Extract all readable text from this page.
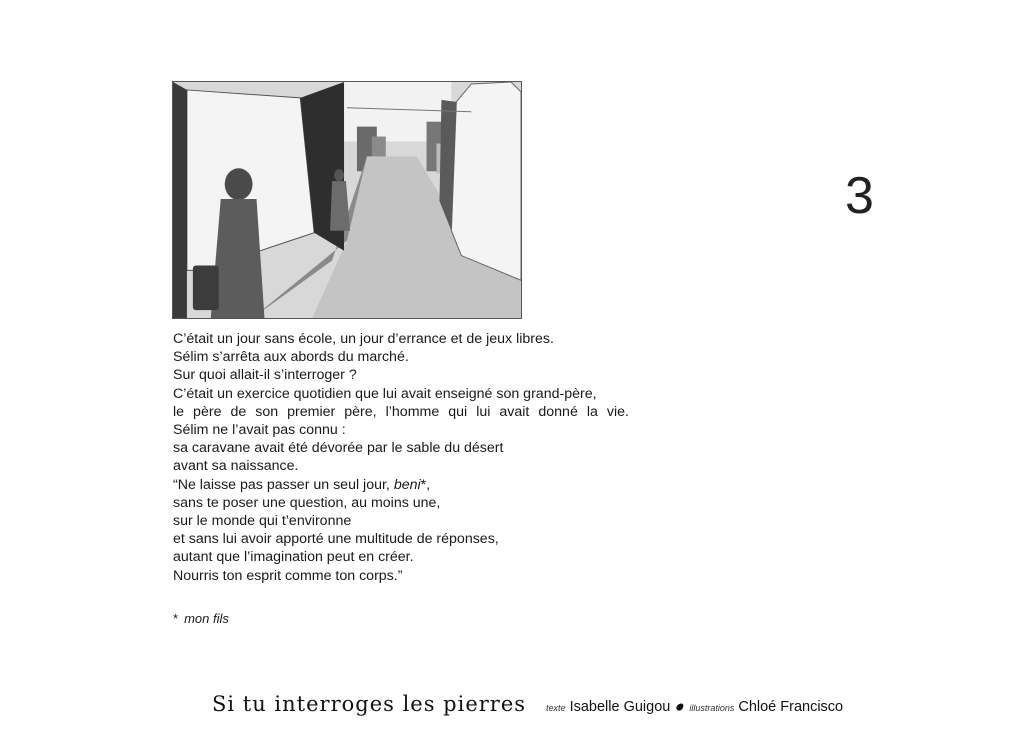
3
C’était un jour sans école, un jour d’errance et de jeux libres.
Sélim s’arrêta aux abords du marché.
Sur quoi allait-il s’interroger ?
C’était un exercice quotidien que lui avait enseigné son grand-père,
le père de son premier père, l’homme qui lui avait donné la vie.
Sélim ne l’avait pas connu :
sa caravane avait été dévorée par le sable du désert
avant sa naissance.
“Ne laisse pas passer un seul jour, beni*,
sans te poser une question, au moins une,
sur le monde qui t’environne
et sans lui avoir apporté une multitude de réponses,
autant que l’imagination peut en créer.
Nourris ton esprit comme ton corps.”
* mon fils
Si tu interroges les pierres texte Isabelle Guigou illustrations Chloé Francisco
